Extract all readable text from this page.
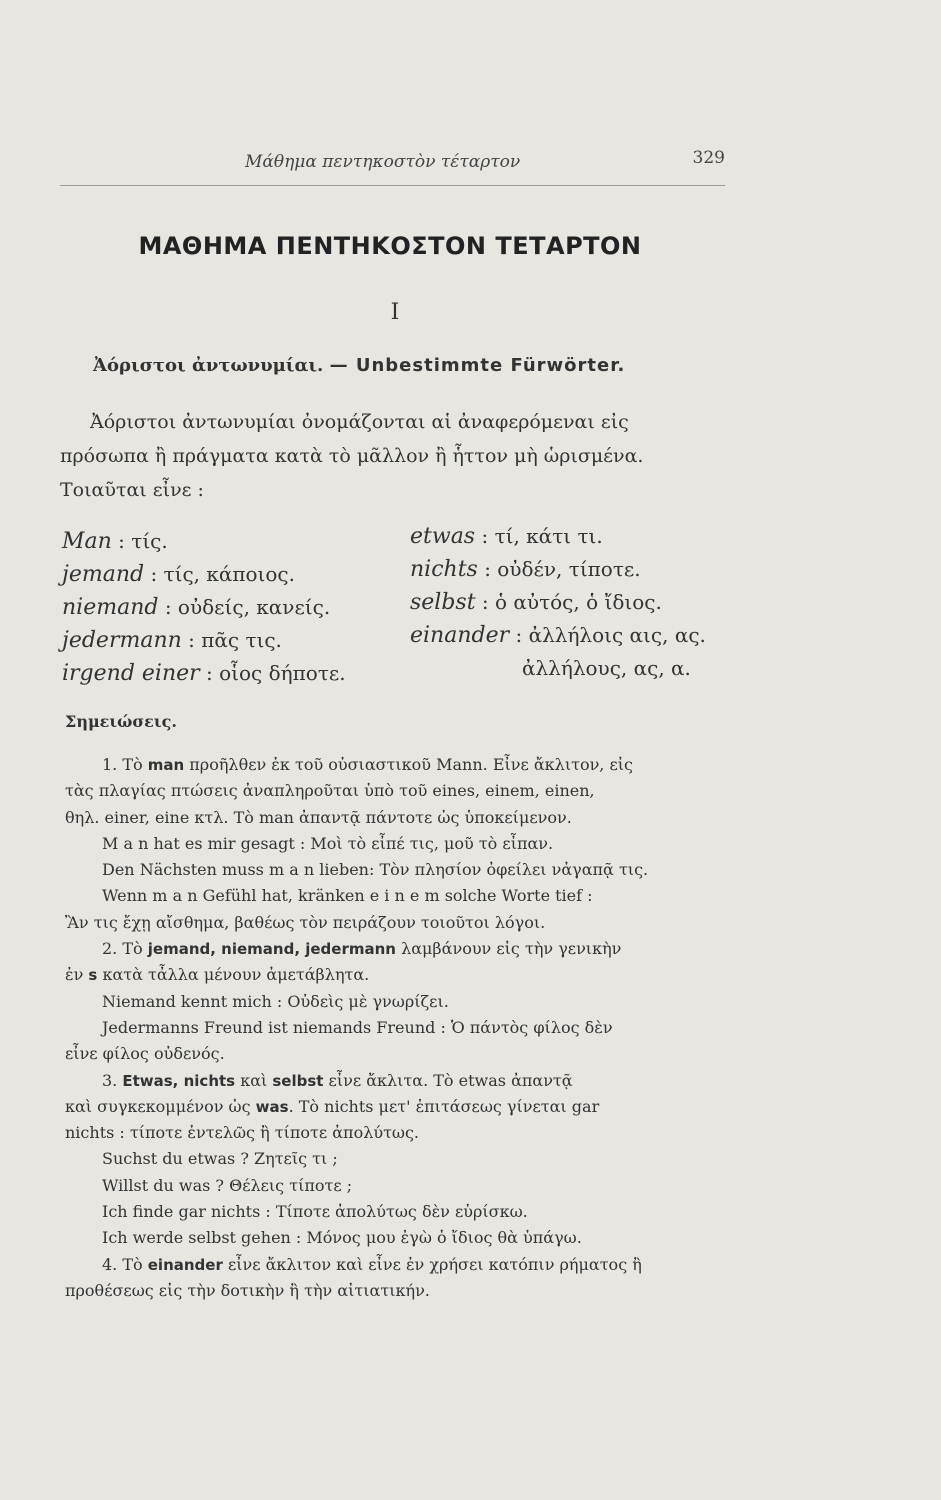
Μάθημα πεντηκοστὸν τέταρτον	329
ΜΑΘΗΜΑ ΠΕΝΤΗΚΟΣΤΟΝ ΤΕΤΑΡΤΟΝ
I
Ἀόριστοι ἀντωνυμίαι. — Unbestimmte Fürwörter.

Ἀόριστοι ἀντωνυμίαι ὀνομάζονται αἱ ἀναφερόμεναι εἰς

πρόσωπα ἢ πράγματα κατὰ τὸ μᾶλλον ἢ ἧττον μὴ ὡρισμένα.

Τοιαῦται εἶνε :

Man : τίς.
jemand : τίς, κάποιος.
niemand : οὐδείς, κανείς.
jedermann : πᾶς τις.
irgend einer : οἷος δήποτε.
etwas : τί, κάτι τι.
nichts : οὐδέν, τίποτε.
selbst : ὁ αὐτός, ὁ ἴδιος.
einander : ἀλλήλοις αις, ας.
ἀλλήλους, ας, α.
Σημειώσεις.

1. Τὸ man προῆλθεν ἐκ τοῦ οὐσιαστικοῦ Mann. Εἶνε ἄκλιτον, εἰς

τὰς πλαγίας πτώσεις ἀναπληροῦται ὑπὸ τοῦ eines, einem, einen,

θηλ. einer, eine κτλ. Τὸ man ἀπαντᾷ πάντοτε ὡς ὑποκείμενον.

M a n hat es mir gesagt : Μοὶ τὸ εἶπέ τις, μοῦ τὸ εἶπαν.

Den Nächsten muss m a n lieben: Τὸν πλησίον ὀφείλει νἀγαπᾷ τις.

Wenn m a n Gefühl hat, kränken e i n e m solche Worte tief :

Ἂν τις ἔχῃ αἴσθημα, βαθέως τὸν πειράζουν τοιοῦτοι λόγοι.

2. Τὸ jemand, niemand, jedermann λαμβάνουν εἰς τὴν γενικὴν

ἐν s κατὰ τἆλλα μένουν ἀμετάβλητα.

Niemand kennt mich : Οὐδεὶς μὲ γνωρίζει.

Jedermanns Freund ist niemands Freund : Ὁ πάντὸς φίλος δὲν

εἶνε φίλος οὐδενός.

3. Etwas, nichts καὶ selbst εἶνε ἄκλιτα. Τὸ etwas ἀπαντᾷ

καὶ συγκεκομμένον ὡς was. Τὸ nichts μετ' ἐπιτάσεως γίνεται gar

nichts : τίποτε ἐντελῶς ἢ τίποτε ἀπολύτως.

Suchst du etwas ? Ζητεῖς τι ;

Willst du was ? Θέλεις τίποτε ;

Ich finde gar nichts : Τίποτε ἀπολύτως δὲν εὑρίσκω.

Ich werde selbst gehen : Μόνος μου ἐγὼ ὁ ἴδιος θὰ ὑπάγω.

4. Τὸ einander εἶνε ἄκλιτον καὶ εἶνε ἐν χρήσει κατόπιν ρήματος ἢ

προθέσεως εἰς τὴν δοτικὴν ἢ τὴν αἰτιατικήν.
